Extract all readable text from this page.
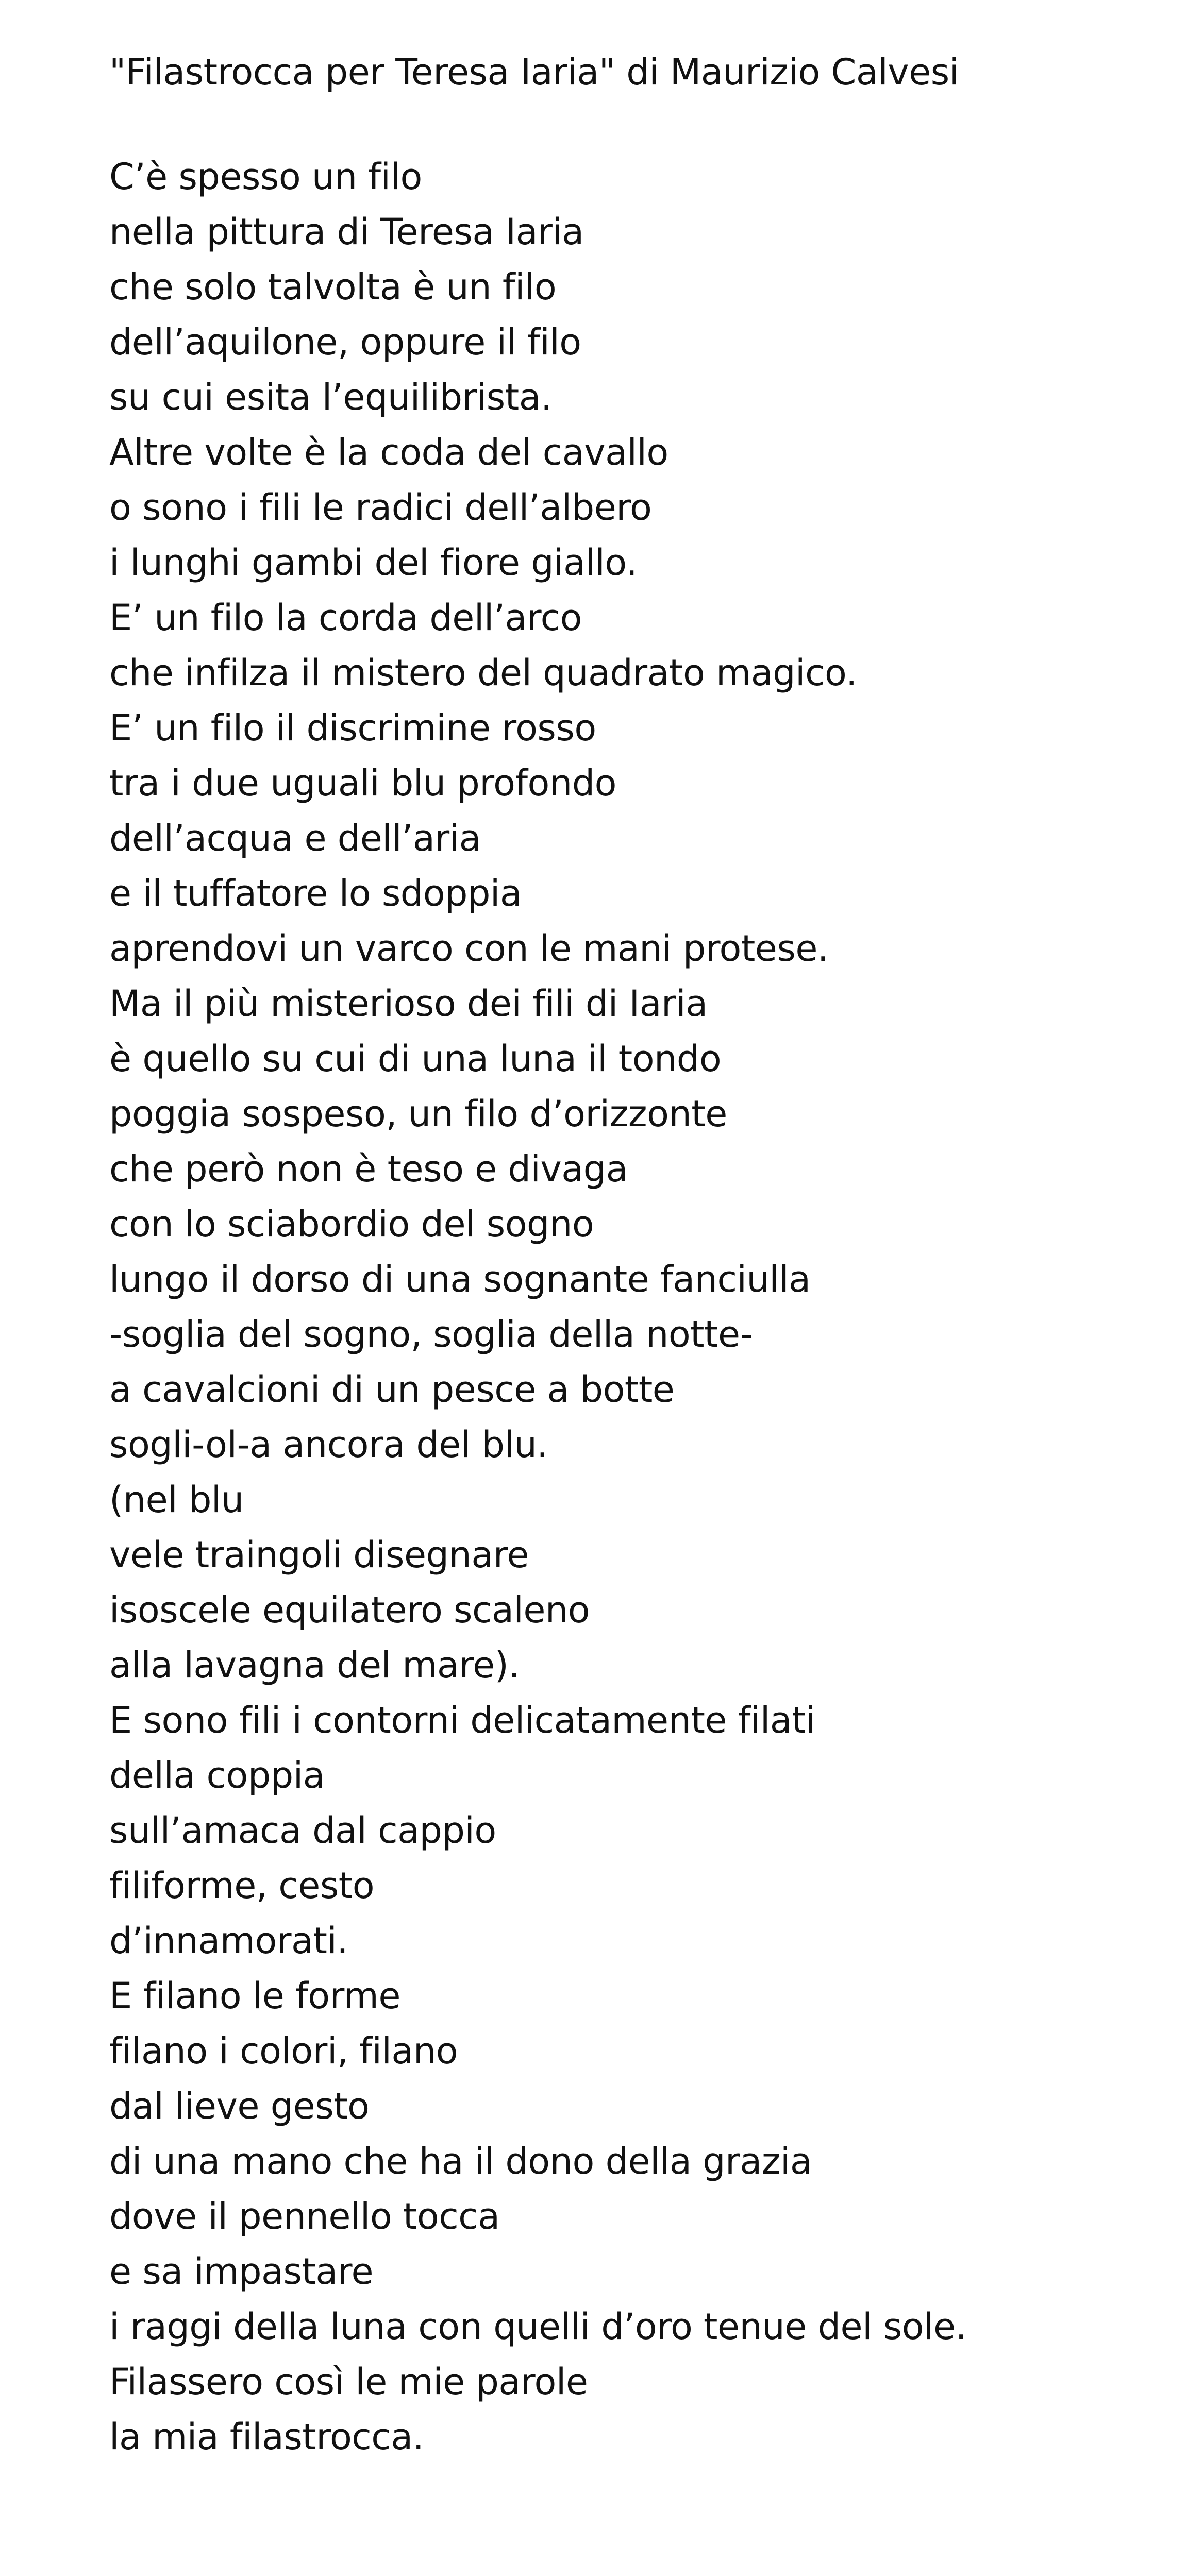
"Filastrocca per Teresa Iaria" di Maurizio Calvesi
C’è spesso un filo
nella pittura di Teresa Iaria
che solo talvolta è un filo
dell’aquilone, oppure il filo
su cui esita l’equilibrista.
Altre volte è la coda del cavallo
o sono i fili le radici dell’albero
i lunghi gambi del fiore giallo.
E’ un filo la corda dell’arco
che infilza il mistero del quadrato magico.
E’ un filo il discrimine rosso
tra i due uguali blu profondo
dell’acqua e dell’aria
e il tuffatore lo sdoppia
aprendovi un varco con le mani protese.
Ma il più misterioso dei fili di Iaria
è quello su cui di una luna il tondo
poggia sospeso, un filo d’orizzonte
che però non è teso e divaga
con lo sciabordio del sogno
lungo il dorso di una sognante fanciulla
-soglia del sogno, soglia della notte-
a cavalcioni di un pesce a botte
sogli-ol-a ancora del blu.
(nel blu
vele traingoli disegnare
isoscele equilatero scaleno
alla lavagna del mare).
E sono fili i contorni delicatamente filati
della coppia
sull’amaca dal cappio
filiforme, cesto
d’innamorati.
E filano le forme
filano i colori, filano
dal lieve gesto
di una mano che ha il dono della grazia
dove il pennello tocca
e sa impastare
i raggi della luna con quelli d’oro tenue del sole.
Filassero così le mie parole
la mia filastrocca.
